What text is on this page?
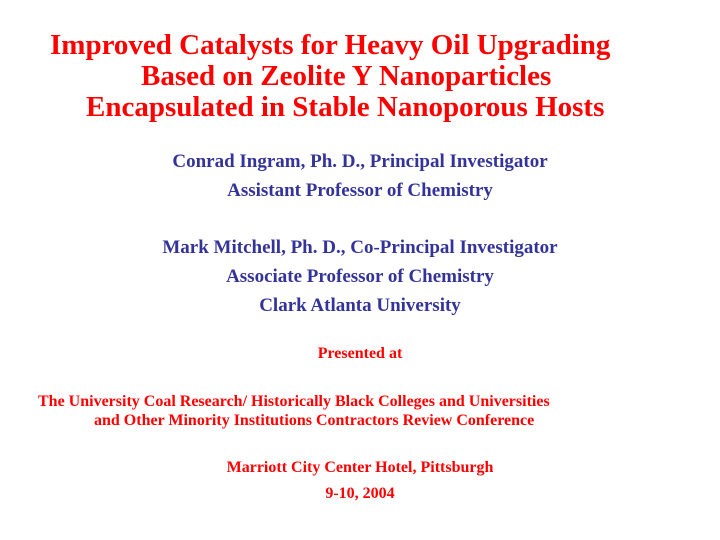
Improved Catalysts for Heavy Oil Upgrading
Based on Zeolite Y Nanoparticles
Encapsulated in Stable Nanoporous Hosts

Conrad Ingram, Ph. D., Principal Investigator

Assistant Professor of Chemistry

Mark Mitchell, Ph. D., Co-Principal Investigator

Associate Professor of Chemistry

Clark Atlanta University

Presented at

The University Coal Research/ Historically Black Colleges and Universities

and Other Minority Institutions Contractors Review Conference

Marriott City Center Hotel, Pittsburgh

9-10, 2004
